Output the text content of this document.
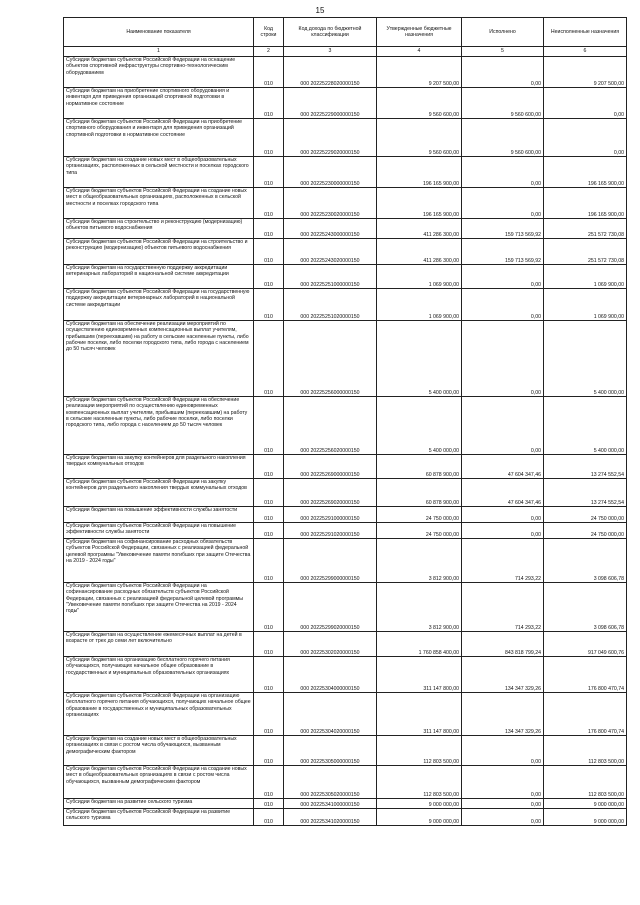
15
Наименование показателя	Код строки	Код дохода по бюджетной классификации	Утвержденные бюджетные назначения	Исполнено	Неисполненные назначения
1	2	3	4	5	6
Субсидии бюджетам субъектов Российской Федерации на оснащение объектов спортивной инфраструктуры спортивно-технологическим оборудованием	010	000 20225228020000150	9 207 500,00	0,00	9 207 500,00
Субсидии бюджетам на приобретение спортивного оборудования и инвентаря для приведения организаций спортивной подготовки в нормативное состояние	010	000 20225229000000150	9 560 600,00	9 560 600,00	0,00
Субсидии бюджетам субъектов Российской Федерации на приобретение спортивного оборудования и инвентаря для приведения организаций спортивной подготовки в нормативное состояние	010	000 20225229020000150	9 560 600,00	9 560 600,00	0,00
Субсидии бюджетам на создание новых мест в общеобразовательных организациях, расположенных в сельской местности и поселках городского типа	010	000 20225230000000150	196 165 900,00	0,00	196 165 900,00
Субсидии бюджетам субъектов Российской Федерации на создание новых мест в общеобразовательных организациях, расположенных в сельской местности и поселках городского типа	010	000 20225230020000150	196 165 900,00	0,00	196 165 900,00
Субсидии бюджетам на строительство и реконструкцию (модернизацию) объектов питьевого водоснабжения	010	000 20225243000000150	411 286 300,00	159 713 569,92	251 572 730,08
Субсидии бюджетам субъектов Российской Федерации на строительство и реконструкцию (модернизацию) объектов питьевого водоснабжения	010	000 20225243020000150	411 286 300,00	159 713 569,92	251 572 730,08
Субсидии бюджетам на государственную поддержку аккредитации ветеринарных лабораторий в национальной системе аккредитации	010	000 20225251000000150	1 069 900,00	0,00	1 069 900,00
Субсидии бюджетам субъектов Российской Федерации на государственную поддержку аккредитации ветеринарных лабораторий в национальной системе аккредитации	010	000 20225251020000150	1 069 900,00	0,00	1 069 900,00
Субсидии бюджетам на обеспечение реализации мероприятий по осуществлению единовременных компенсационных выплат учителям, прибывшим (переехавшим) на работу в сельские населенные пункты, либо рабочие поселки, либо поселки городского типа, либо города с населением до 50 тысяч человек	010	000 20225256000000150	5 400 000,00	0,00	5 400 000,00
Субсидии бюджетам субъектов Российской Федерации на обеспечение реализации мероприятий по осуществлению единовременных компенсационных выплат учителям, прибывшим (переехавшим) на работу в сельские населенные пункты, либо рабочие поселки, либо поселки городского типа, либо города с населением до 50 тысяч человек	010	000 20225256020000150	5 400 000,00	0,00	5 400 000,00
Субсидии бюджетам на закупку контейнеров для раздельного накопления твердых коммунальных отходов	010	000 20225269000000150	60 878 900,00	47 604 347,46	13 274 552,54
Субсидии бюджетам субъектов Российской Федерации на закупку контейнеров для раздельного накопления твердых коммунальных отходов	010	000 20225269020000150	60 878 900,00	47 604 347,46	13 274 552,54
Субсидии бюджетам на повышение эффективности службы занятости	010	000 20225291000000150	24 750 000,00	0,00	24 750 000,00
Субсидии бюджетам субъектов Российской Федерации на повышение эффективности службы занятости	010	000 20225291020000150	24 750 000,00	0,00	24 750 000,00
Субсидии бюджетам на софинансирование расходных обязательств субъектов Российской Федерации, связанных с реализацией федеральной целевой программы "Увековечение памяти погибших при защите Отечества на 2019 - 2024 годы"	010	000 20225299000000150	3 812 900,00	714 293,22	3 098 606,78
Субсидии бюджетам субъектов Российской Федерации на софинансирование расходных обязательств субъектов Российской Федерации, связанных с реализацией федеральной целевой программы "Увековечение памяти погибших при защите Отечества на 2019 - 2024 годы"	010	000 20225299020000150	3 812 900,00	714 293,22	3 098 606,78
Субсидии бюджетам на осуществление ежемесячных выплат на детей в возрасте от трех до семи лет включительно	010	000 20225302020000150	1 760 858 400,00	843 818 799,24	917 049 600,76
Субсидии бюджетам на организацию бесплатного горячего питания обучающихся, получающих начальное общее образование в государственных и муниципальных образовательных организациях	010	000 20225304000000150	311 147 800,00	134 347 329,26	176 800 470,74
Субсидии бюджетам субъектов Российской Федерации на организацию бесплатного горячего питания обучающихся, получающих начальное общее образование в государственных и муниципальных образовательных организациях	010	000 20225304020000150	311 147 800,00	134 347 329,26	176 800 470,74
Субсидии бюджетам на создание новых мест в общеобразовательных организациях в связи с ростом числа обучающихся, вызванным демографическим фактором	010	000 20225305000000150	112 803 500,00	0,00	112 803 500,00
Субсидии бюджетам субъектов Российской Федерации на создание новых мест в общеобразовательных организациях в связи с ростом числа обучающихся, вызванным демографическим фактором	010	000 20225305020000150	112 803 500,00	0,00	112 803 500,00
Субсидии бюджетам на развитие сельского туризма	010	000 20225341000000150	9 000 000,00	0,00	9 000 000,00
Субсидии бюджетам субъектов Российской Федерации на развитие сельского туризма	010	000 20225341020000150	9 000 000,00	0,00	9 000 000,00
